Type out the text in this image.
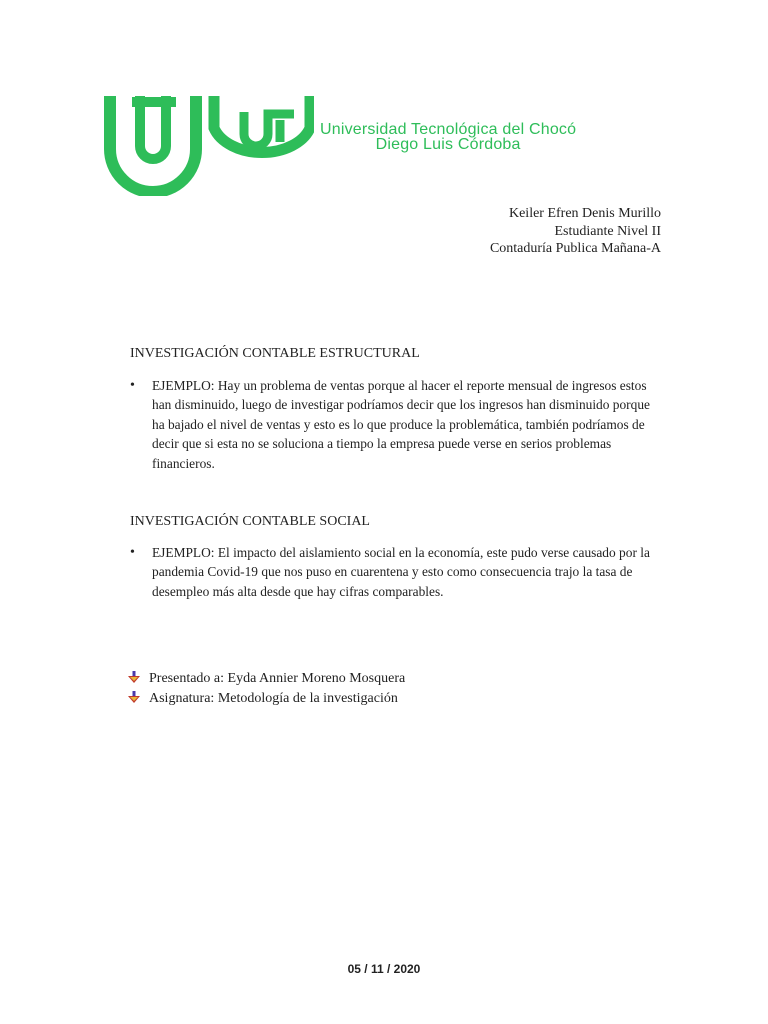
Universidad Tecnológica del Chocó
Diego Luis Córdoba
Keiler Efren Denis Murillo
Estudiante Nivel II
Contaduría Publica Mañana-A
INVESTIGACIÓN CONTABLE ESTRUCTURAL
• EJEMPLO: Hay un problema de ventas porque al hacer el reporte mensual de ingresos estos han disminuido, luego de investigar podríamos decir que los ingresos han disminuido porque ha bajado el nivel de ventas y esto es lo que produce la problemática, también podríamos de decir que si esta no se soluciona a tiempo la empresa puede verse en serios problemas financieros.
INVESTIGACIÓN CONTABLE SOCIAL
• EJEMPLO: El impacto del aislamiento social en la economía, este pudo verse causado por la pandemia Covid-19 que nos puso en cuarentena y esto como consecuencia trajo la tasa de desempleo más alta desde que hay cifras comparables.
Presentado a: Eyda Annier Moreno Mosquera
Asignatura: Metodología de la investigación
05 / 11 / 2020
